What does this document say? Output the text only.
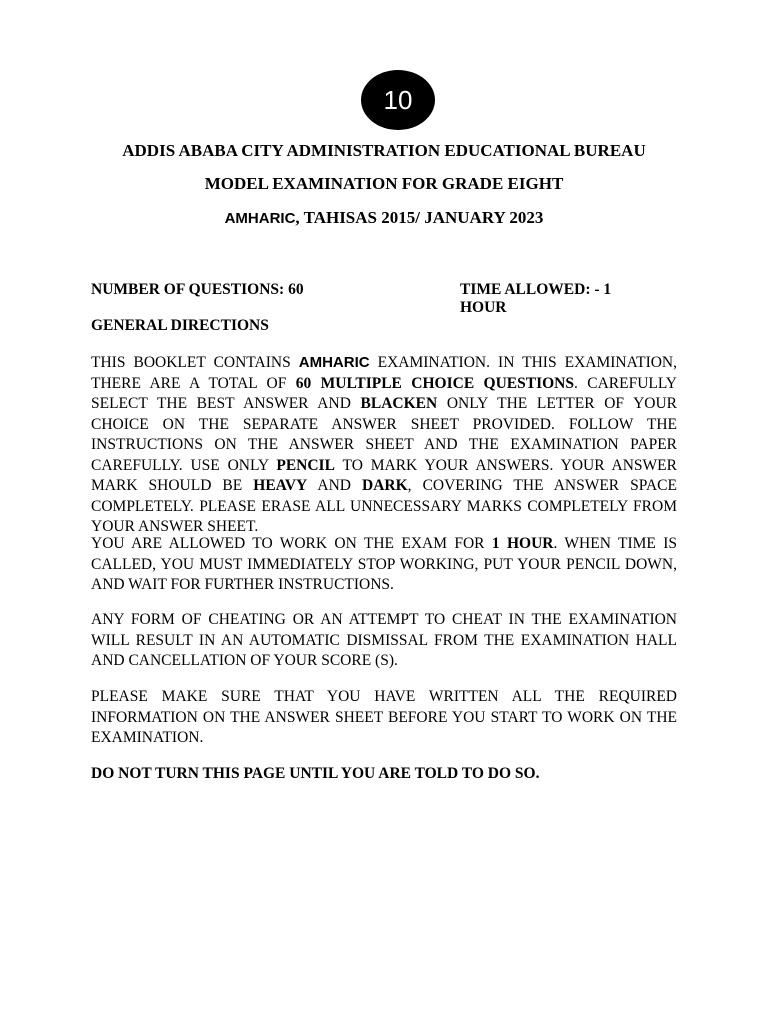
10
ADDIS ABABA CITY ADMINISTRATION EDUCATIONAL BUREAU
MODEL EXAMINATION FOR GRADE EIGHT
AMHARIC, TAHISAS 2015/ JANUARY 2023
NUMBER OF QUESTIONS: 60	TIME ALLOWED: - 1 HOUR
GENERAL DIRECTIONS
THIS BOOKLET CONTAINS AMHARIC EXAMINATION. IN THIS EXAMINATION, THERE ARE A TOTAL OF 60 MULTIPLE CHOICE QUESTIONS. CAREFULLY SELECT THE BEST ANSWER AND BLACKEN ONLY THE LETTER OF YOUR CHOICE ON THE SEPARATE ANSWER SHEET PROVIDED. FOLLOW THE INSTRUCTIONS ON THE ANSWER SHEET AND THE EXAMINATION PAPER CAREFULLY. USE ONLY PENCIL TO MARK YOUR ANSWERS. YOUR ANSWER MARK SHOULD BE HEAVY AND DARK, COVERING THE ANSWER SPACE COMPLETELY. PLEASE ERASE ALL UNNECESSARY MARKS COMPLETELY FROM YOUR ANSWER SHEET.
YOU ARE ALLOWED TO WORK ON THE EXAM FOR 1 HOUR. WHEN TIME IS CALLED, YOU MUST IMMEDIATELY STOP WORKING, PUT YOUR PENCIL DOWN, AND WAIT FOR FURTHER INSTRUCTIONS.
ANY FORM OF CHEATING OR AN ATTEMPT TO CHEAT IN THE EXAMINATION WILL RESULT IN AN AUTOMATIC DISMISSAL FROM THE EXAMINATION HALL AND CANCELLATION OF YOUR SCORE (S).
PLEASE MAKE SURE THAT YOU HAVE WRITTEN ALL THE REQUIRED INFORMATION ON THE ANSWER SHEET BEFORE YOU START TO WORK ON THE EXAMINATION.
DO NOT TURN THIS PAGE UNTIL YOU ARE TOLD TO DO SO.
